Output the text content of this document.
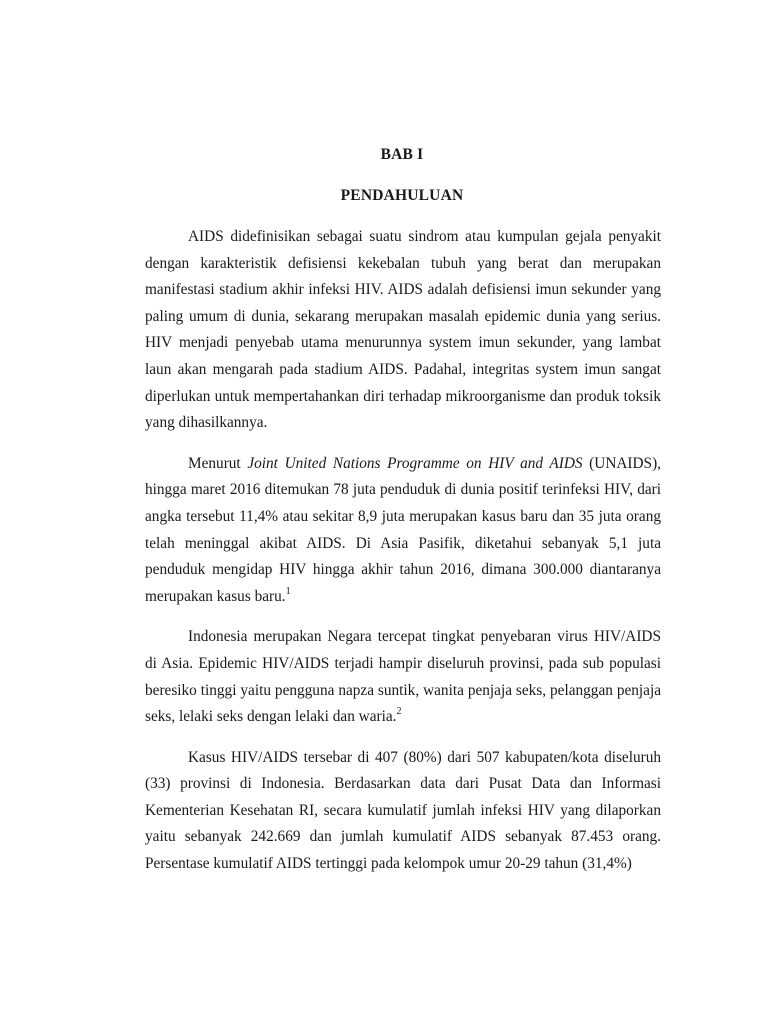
BAB I
PENDAHULUAN

AIDS didefinisikan sebagai suatu sindrom atau kumpulan gejala penyakit dengan karakteristik defisiensi kekebalan tubuh yang berat dan merupakan manifestasi stadium akhir infeksi HIV. AIDS adalah defisiensi imun sekunder yang paling umum di dunia, sekarang merupakan masalah epidemic dunia yang serius. HIV menjadi penyebab utama menurunnya system imun sekunder, yang lambat laun akan mengarah pada stadium AIDS. Padahal, integritas system imun sangat diperlukan untuk mempertahankan diri terhadap mikroorganisme dan produk toksik yang dihasilkannya.

Menurut Joint United Nations Programme on HIV and AIDS (UNAIDS), hingga maret 2016 ditemukan 78 juta penduduk di dunia positif terinfeksi HIV, dari angka tersebut 11,4% atau sekitar 8,9 juta merupakan kasus baru dan 35 juta orang telah meninggal akibat AIDS. Di Asia Pasifik, diketahui sebanyak 5,1 juta penduduk mengidap HIV hingga akhir tahun 2016, dimana 300.000 diantaranya merupakan kasus baru.$^1$

Indonesia merupakan Negara tercepat tingkat penyebaran virus HIV/AIDS di Asia. Epidemic HIV/AIDS terjadi hampir diseluruh provinsi, pada sub populasi beresiko tinggi yaitu pengguna napza suntik, wanita penjaja seks, pelanggan penjaja seks, lelaki seks dengan lelaki dan waria.$^2$

Kasus HIV/AIDS tersebar di 407 (80%) dari 507 kabupaten/kota diseluruh (33) provinsi di Indonesia. Berdasarkan data dari Pusat Data dan Informasi Kementerian Kesehatan RI, secara kumulatif jumlah infeksi HIV yang dilaporkan yaitu sebanyak 242.669 dan jumlah kumulatif AIDS sebanyak 87.453 orang. Persentase kumulatif AIDS tertinggi pada kelompok umur 20-29 tahun (31,4%)
